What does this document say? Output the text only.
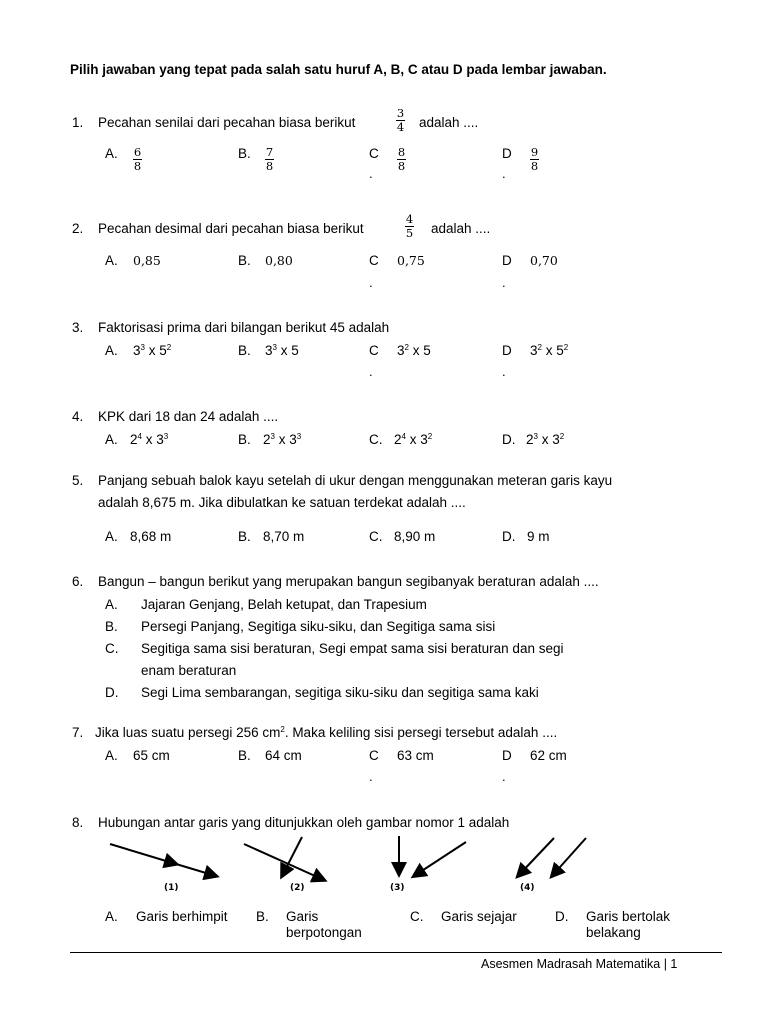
Pilih jawaban yang tepat pada salah satu huruf A, B, C atau D pada lembar jawaban.
1. Pecahan senilai dari pecahan biasa berikut
3
4 adalah ....
A. 6
8
B. 7
8
C 8
8
D 9
8
.	.
2. Pecahan desimal dari pecahan biasa berikut
4
5 adalah ....
A. 0,85	B. 0,80	C 0,75	D 0,70
.	.
3. Faktorisasi prima dari bilangan berikut 45 adalah
A. $3^3$ x $5^2$	B. $3^3$ x 5	C $3^2$ x 5	D $3^2$ x $5^2$
.	.
4. KPK dari 18 dan 24 adalah ....
A. $2^4$ x $3^3$	B. $2^3$ x $3^3$	C. $2^4$ x $3^2$	D. $2^3$ x $3^2$
5. Panjang sebuah balok kayu setelah di ukur dengan menggunakan meteran garis kayu
adalah 8,675 m. Jika dibulatkan ke satuan terdekat adalah ....
A. 8,68 m	B. 8,70 m	C. 8,90 m	D. 9 m
6. Bangun – bangun berikut yang merupakan bangun segibanyak beraturan adalah ....
A. Jajaran Genjang, Belah ketupat, dan Trapesium
B. Persegi Panjang, Segitiga siku-siku, dan Segitiga sama sisi
C. Segitiga sama sisi beraturan, Segi empat sama sisi beraturan dan segi
enam beraturan
D. Segi Lima sembarangan, segitiga siku-siku dan segitiga sama kaki
7. Jika luas suatu persegi 256 $cm^2$. Maka keliling sisi persegi tersebut adalah ....
A. 65 cm	B. 64 cm	C 63 cm	D 62 cm
.	.
8. Hubungan antar garis yang ditunjukkan oleh gambar nomor 1 adalah
(1)	(2)	(3)	(4)
A. Garis berhimpit B. Garis
berpotongan
C. Garis sejajar	D. Garis bertolak
belakang
Asesmen Madrasah Matematika | 1
